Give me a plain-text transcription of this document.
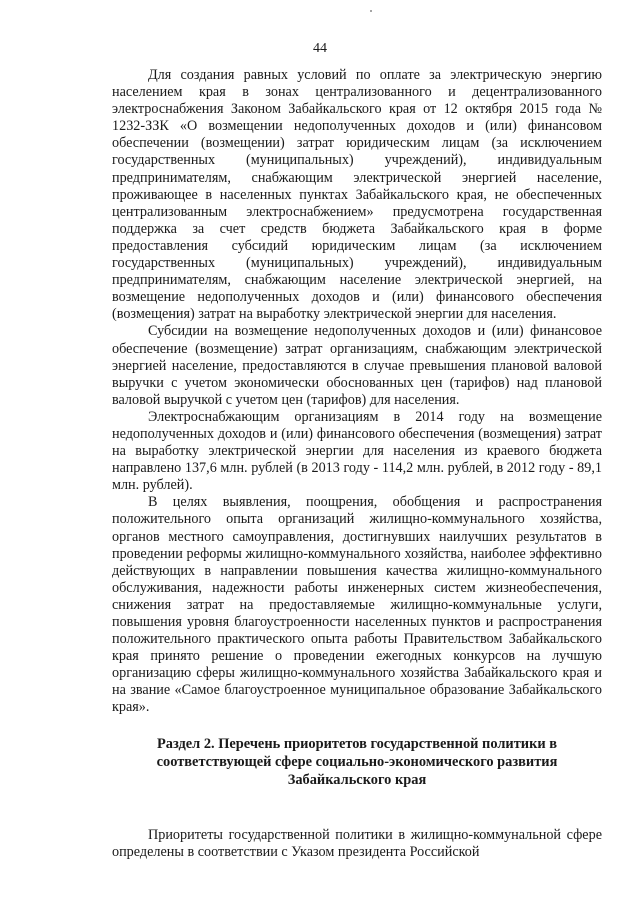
44

Для создания равных условий по оплате за электрическую энергию населением края в зонах централизованного и децентрализованного электроснабжения Законом Забайкальского края от 12 октября 2015 года № 1232-ЗЗК «О возмещении недополученных доходов и (или) финансовом обеспечении (возмещении) затрат юридическим лицам (за исключением государственных (муниципальных) учреждений), индивидуальным предпринимателям, снабжающим электрической энергией население, проживающее в населенных пунктах Забайкальского края, не обеспеченных централизованным электроснабжением» предусмотрена государственная поддержка за счет средств бюджета Забайкальского края в форме предоставления субсидий юридическим лицам (за исключением государственных (муниципальных) учреждений), индивидуальным предпринимателям, снабжающим население электрической энергией, на возмещение недополученных доходов и (или) финансового обеспечения (возмещения) затрат на выработку электрической энергии для населения.

Субсидии на возмещение недополученных доходов и (или) финансовое обеспечение (возмещение) затрат организациям, снабжающим электрической энергией население, предоставляются в случае превышения плановой валовой выручки с учетом экономически обоснованных цен (тарифов) над плановой валовой выручкой с учетом цен (тарифов) для населения.

Электроснабжающим организациям в 2014 году на возмещение недополученных доходов и (или) финансового обеспечения (возмещения) затрат на выработку электрической энергии для населения из краевого бюджета направлено 137,6 млн. рублей (в 2013 году - 114,2 млн. рублей, в 2012 году - 89,1 млн. рублей).

В целях выявления, поощрения, обобщения и распространения положительного опыта организаций жилищно-коммунального хозяйства, органов местного самоуправления, достигнувших наилучших результатов в проведении реформы жилищно-коммунального хозяйства, наиболее эффективно действующих в направлении повышения качества жилищно-коммунального обслуживания, надежности работы инженерных систем жизнеобеспечения, снижения затрат на предоставляемые жилищно-коммунальные услуги, повышения уровня благоустроенности населенных пунктов и распространения положительного практического опыта работы Правительством Забайкальского края принято решение о проведении ежегодных конкурсов на лучшую организацию сферы жилищно-коммунального хозяйства Забайкальского края и на звание «Самое благоустроенное муниципальное образование Забайкальского края».

Раздел 2. Перечень приоритетов государственной политики в соответствующей сфере социально-экономического развития Забайкальского края

Приоритеты государственной политики в жилищно-коммунальной сфере определены в соответствии с Указом президента Российской
